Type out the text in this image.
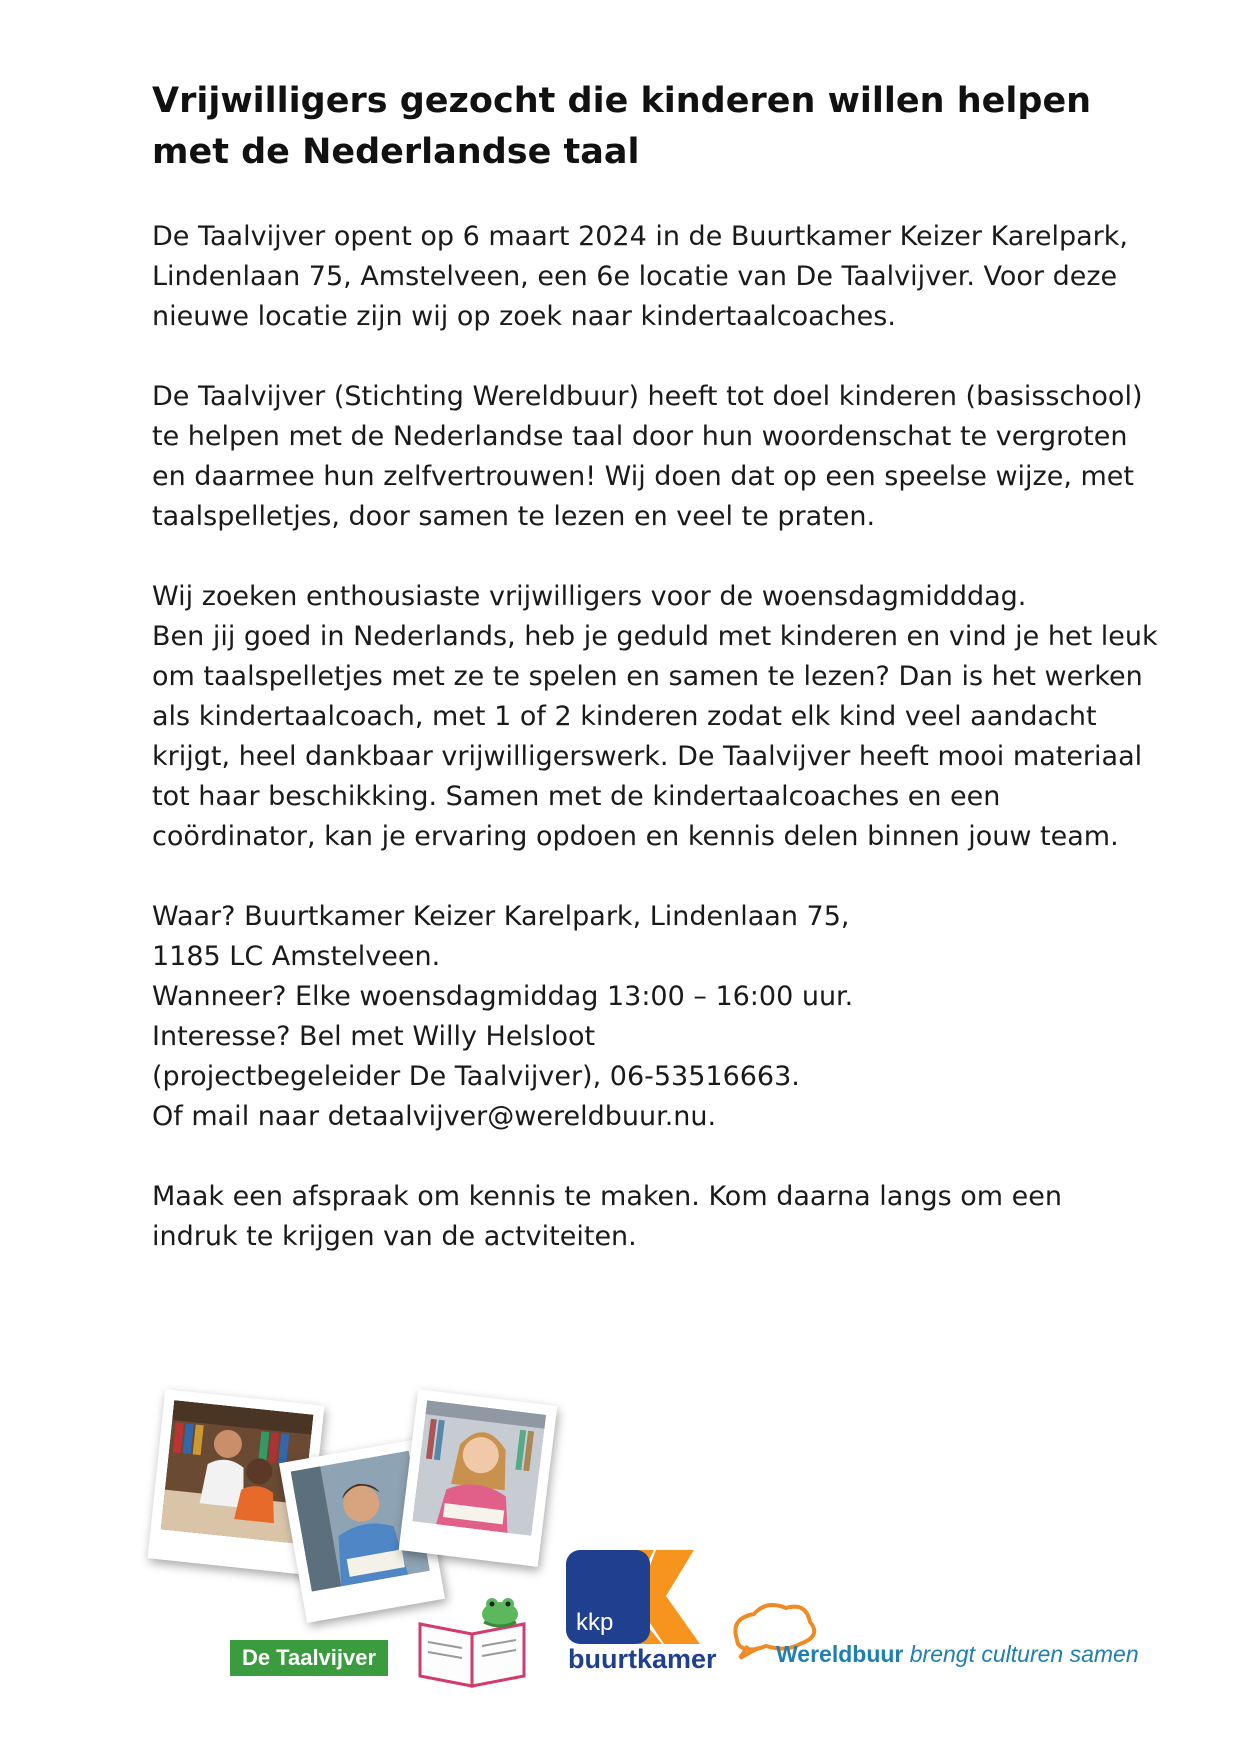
Vrijwilligers gezocht die kinderen willen helpen
met de Nederlandse taal

De Taalvijver opent op 6 maart 2024 in de Buurtkamer Keizer Karelpark,
Lindenlaan 75, Amstelveen, een 6e locatie van De Taalvijver. Voor deze
nieuwe locatie zijn wij op zoek naar kindertaalcoaches.

De Taalvijver (Stichting Wereldbuur) heeft tot doel kinderen (basisschool)
te helpen met de Nederlandse taal door hun woordenschat te vergroten
en daarmee hun zelfvertrouwen! Wij doen dat op een speelse wijze, met
taalspelletjes, door samen te lezen en veel te praten.

Wij zoeken enthousiaste vrijwilligers voor de woensdagmidddag.
Ben jij goed in Nederlands, heb je geduld met kinderen en vind je het leuk
om taalspelletjes met ze te spelen en samen te lezen? Dan is het werken
als kindertaalcoach, met 1 of 2 kinderen zodat elk kind veel aandacht
krijgt, heel dankbaar vrijwilligerswerk. De Taalvijver heeft mooi materiaal
tot haar beschikking. Samen met de kindertaalcoaches en een
coördinator, kan je ervaring opdoen en kennis delen binnen jouw team.

Waar? Buurtkamer Keizer Karelpark, Lindenlaan 75,
1185 LC Amstelveen.
Wanneer? Elke woensdagmiddag 13:00 – 16:00 uur.
Interesse? Bel met Willy Helsloot
(projectbegeleider De Taalvijver), 06-53516663.
Of mail naar detaalvijver@wereldbuur.nu.

Maak een afspraak om kennis te maken. Kom daarna langs om een
indruk te krijgen van de actviteiten.

De Taalvijver
kkp
buurtkamer	Wereldbuur brengt culturen samen
